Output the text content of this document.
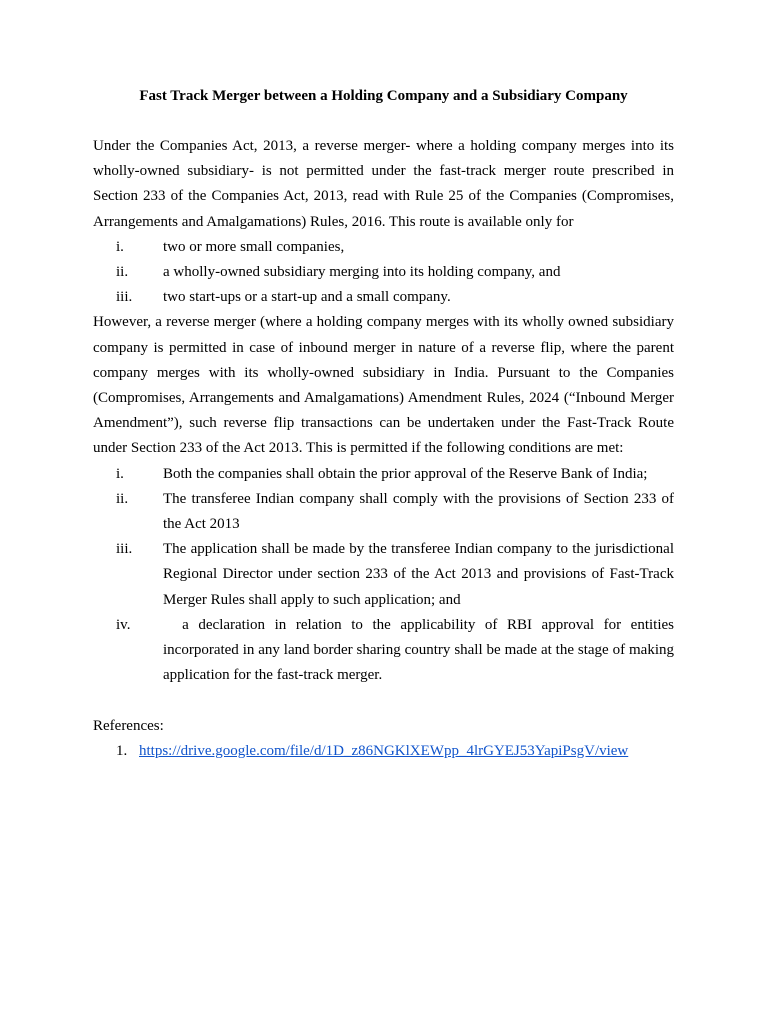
Fast Track Merger between a Holding Company and a Subsidiary Company

Under the Companies Act, 2013, a reverse merger- where a holding company merges into its wholly-owned subsidiary- is not permitted under the fast-track merger route prescribed in Section 233 of the Companies Act, 2013, read with Rule 25 of the Companies (Compromises, Arrangements and Amalgamations) Rules, 2016. This route is available only for

i.	two or more small companies,
ii. a wholly-owned subsidiary merging into its holding company, and
iii. two start-ups or a start-up and a small company.

However, a reverse merger (where a holding company merges with its wholly owned subsidiary company is permitted in case of inbound merger in nature of a reverse flip, where the parent company merges with its wholly-owned subsidiary in India. Pursuant to the Companies (Compromises, Arrangements and Amalgamations) Amendment Rules, 2024 (“Inbound Merger Amendment”), such reverse flip transactions can be undertaken under the Fast-Track Route under Section 233 of the Act 2013. This is permitted if the following conditions are met:

i.	Both the companies shall obtain the prior approval of the Reserve Bank of India;
ii. The transferee Indian company shall comply with the provisions of Section 233 of the Act 2013
iii. The application shall be made by the transferee Indian company to the jurisdictional Regional Director under section 233 of the Act 2013 and provisions of Fast-Track Merger Rules shall apply to such application; and
iv. a declaration in relation to the applicability of RBI approval for entities incorporated in any land border sharing country shall be made at the stage of making application for the fast-track merger.

References:

1. https://drive.google.com/file/d/1D_z86NGKlXEWpp_4lrGYEJ53YapiPsgV/view
